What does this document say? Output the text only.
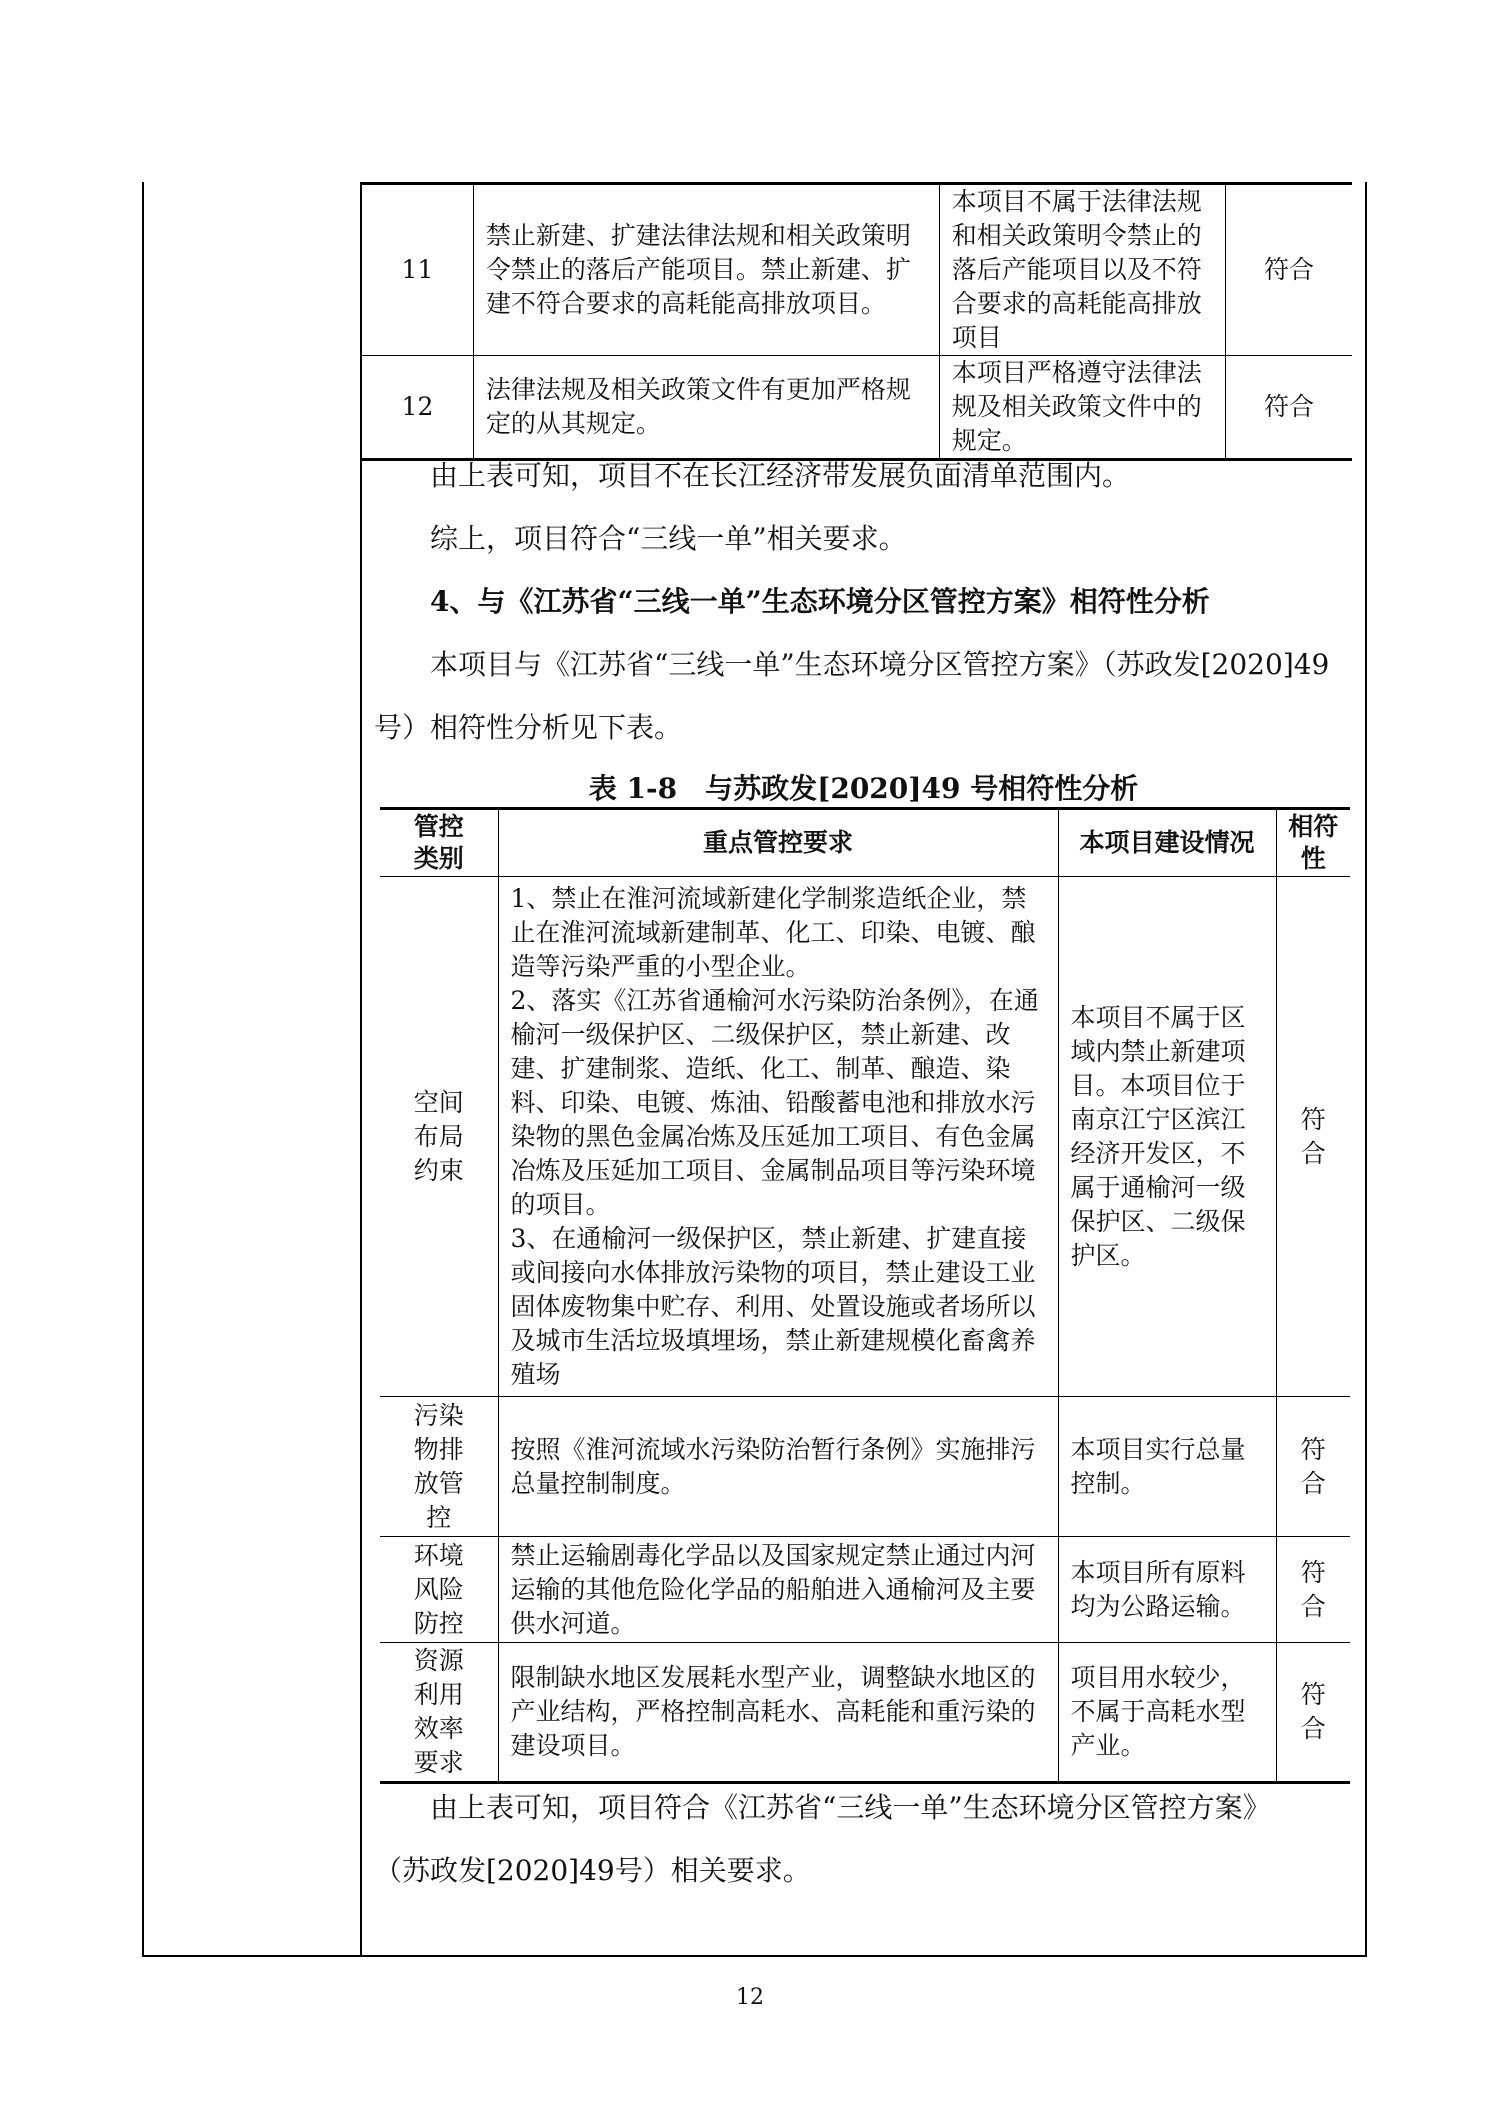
11	禁止新建、扩建法律法规和相关政策明令禁止的落后产能项目。禁止新建、扩建不符合要求的高耗能高排放项目。	本项目不属于法律法规和相关政策明令禁止的落后产能项目以及不符合要求的高耗能高排放项目	符合
12	法律法规及相关政策文件有更加严格规定的从其规定。	本项目严格遵守法律法规及相关政策文件中的规定。	符合
由上表可知，项目不在长江经济带发展负面清单范围内。
综上，项目符合“三线一单”相关要求。
4、与《江苏省“三线一单”生态环境分区管控方案》相符性分析
本项目与《江苏省“三线一单”生态环境分区管控方案》（苏政发[2020]49
号）相符性分析见下表。
表 1-8　与苏政发[2020]49 号相符性分析
管控类别	重点管控要求	本项目建设情况	相符性
空间布局约束	1、禁止在淮河流域新建化学制浆造纸企业，禁止在淮河流域新建制革、化工、印染、电镀、酿造等污染严重的小型企业。
2、落实《江苏省通榆河水污染防治条例》，在通榆河一级保护区、二级保护区，禁止新建、改建、扩建制浆、造纸、化工、制革、酿造、染料、印染、电镀、炼油、铅酸蓄电池和排放水污染物的黑色金属冶炼及压延加工项目、有色金属冶炼及压延加工项目、金属制品项目等污染环境的项目。
3、在通榆河一级保护区，禁止新建、扩建直接或间接向水体排放污染物的项目，禁止建设工业固体废物集中贮存、利用、处置设施或者场所以及城市生活垃圾填埋场，禁止新建规模化畜禽养殖场	本项目不属于区域内禁止新建项目。本项目位于南京江宁区滨江经济开发区，不属于通榆河一级保护区、二级保护区。	符合
污染物排放管控	按照《淮河流域水污染防治暂行条例》实施排污总量控制制度。	本项目实行总量控制。	符合
环境风险防控	禁止运输剧毒化学品以及国家规定禁止通过内河运输的其他危险化学品的船舶进入通榆河及主要供水河道。	本项目所有原料均为公路运输。	符合
资源利用效率要求	限制缺水地区发展耗水型产业，调整缺水地区的产业结构，严格控制高耗水、高耗能和重污染的建设项目。	项目用水较少，不属于高耗水型产业。	符合
由上表可知，项目符合《江苏省“三线一单”生态环境分区管控方案》
（苏政发[2020]49号）相关要求。
12
